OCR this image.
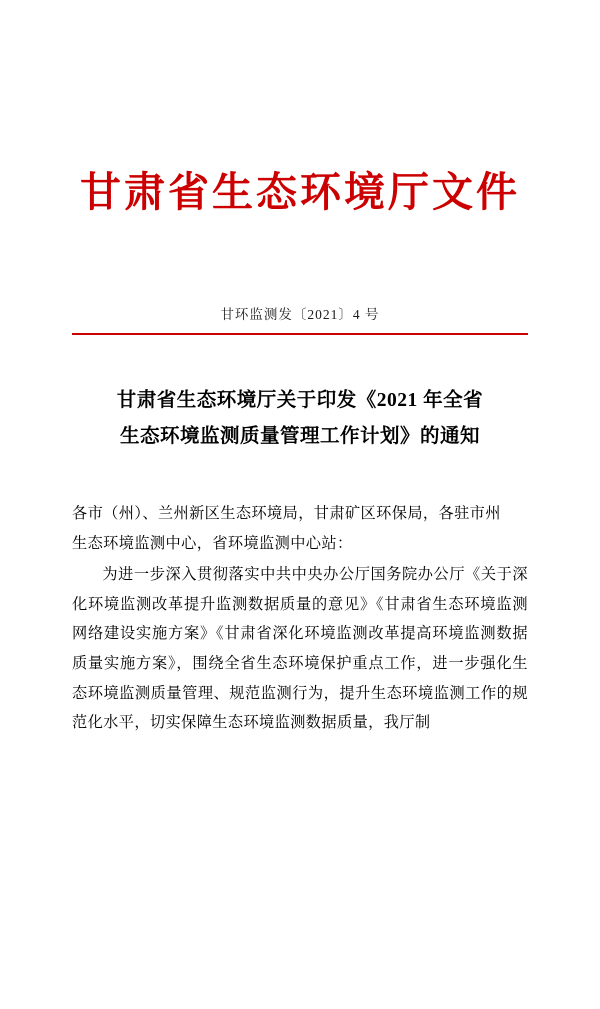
甘肃省生态环境厅文件
甘环监测发〔2021〕4 号
甘肃省生态环境厅关于印发《2021 年全省
生态环境监测质量管理工作计划》的通知
各市（州）、兰州新区生态环境局，甘肃矿区环保局，各驻市州
生态环境监测中心，省环境监测中心站：

为进一步深入贯彻落实中共中央办公厅国务院办公厅《关于深化环境监测改革提升监测数据质量的意见》《甘肃省生态环境监测网络建设实施方案》《甘肃省深化环境监测改革提高环境监测数据质量实施方案》，围绕全省生态环境保护重点工作，进一步强化生态环境监测质量管理、规范监测行为，提升生态环境监测工作的规范化水平，切实保障生态环境监测数据质量，我厅制
